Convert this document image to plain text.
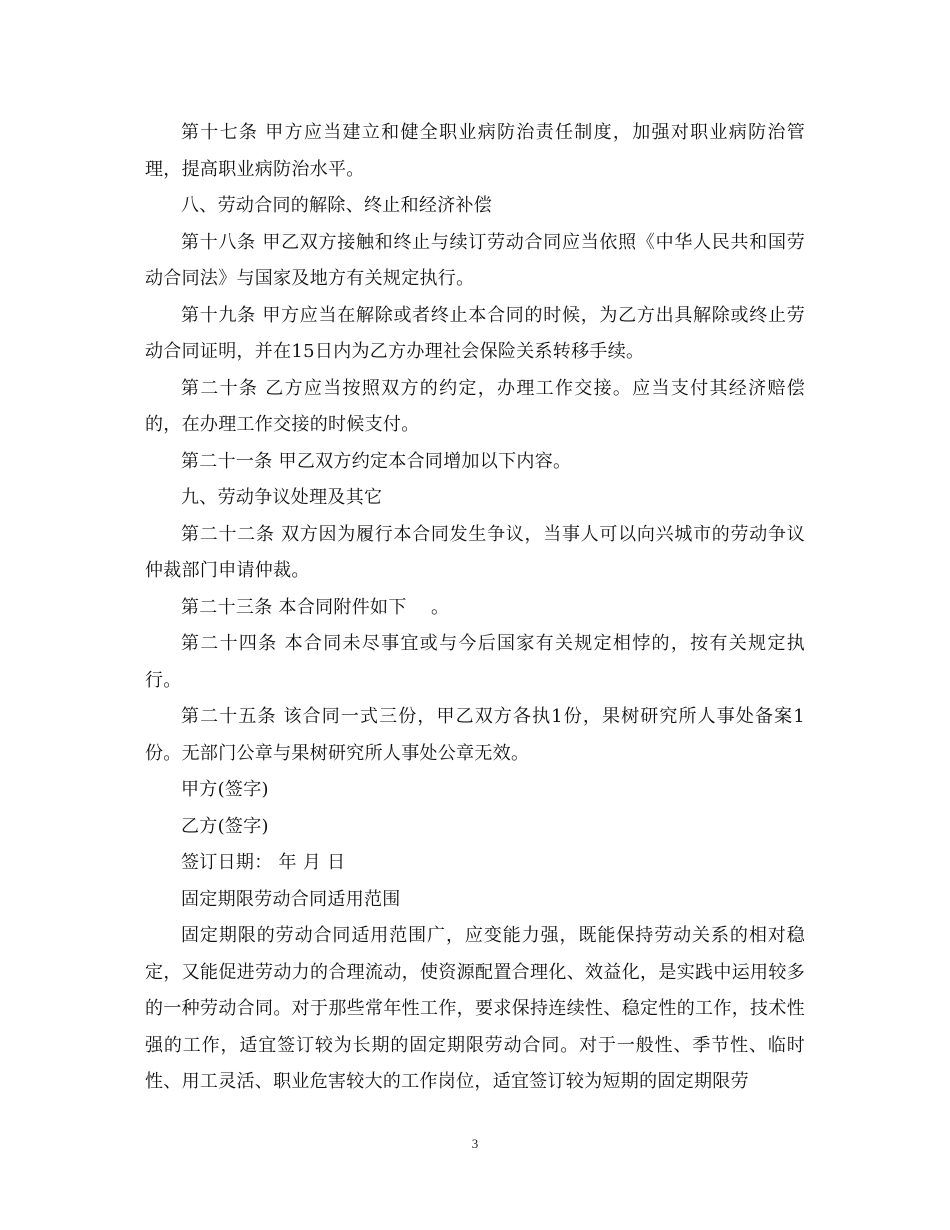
第十七条 甲方应当建立和健全职业病防治责任制度，加强对职业病防治管理，提高职业病防治水平。

八、劳动合同的解除、终止和经济补偿

第十八条 甲乙双方接触和终止与续订劳动合同应当依照《中华人民共和国劳动合同法》与国家及地方有关规定执行。

第十九条 甲方应当在解除或者终止本合同的时候，为乙方出具解除或终止劳动合同证明，并在15日内为乙方办理社会保险关系转移手续。

第二十条 乙方应当按照双方的约定，办理工作交接。应当支付其经济赔偿的，在办理工作交接的时候支付。

第二十一条 甲乙双方约定本合同增加以下内容。

九、劳动争议处理及其它

第二十二条 双方因为履行本合同发生争议，当事人可以向兴城市的劳动争议仲裁部门申请仲裁。

第二十三条 本合同附件如下　 。

第二十四条 本合同未尽事宜或与今后国家有关规定相悖的，按有关规定执行。

第二十五条 该合同一式三份，甲乙双方各执1份，果树研究所人事处备案1份。无部门公章与果树研究所人事处公章无效。

甲方(签字)

乙方(签字)

签订日期： 年 月 日

固定期限劳动合同适用范围

固定期限的劳动合同适用范围广，应变能力强，既能保持劳动关系的相对稳定，又能促进劳动力的合理流动，使资源配置合理化、效益化，是实践中运用较多的一种劳动合同。对于那些常年性工作，要求保持连续性、稳定性的工作，技术性强的工作，适宜签订较为长期的固定期限劳动合同。对于一般性、季节性、临时性、用工灵活、职业危害较大的工作岗位，适宜签订较为短期的固定期限劳

3
